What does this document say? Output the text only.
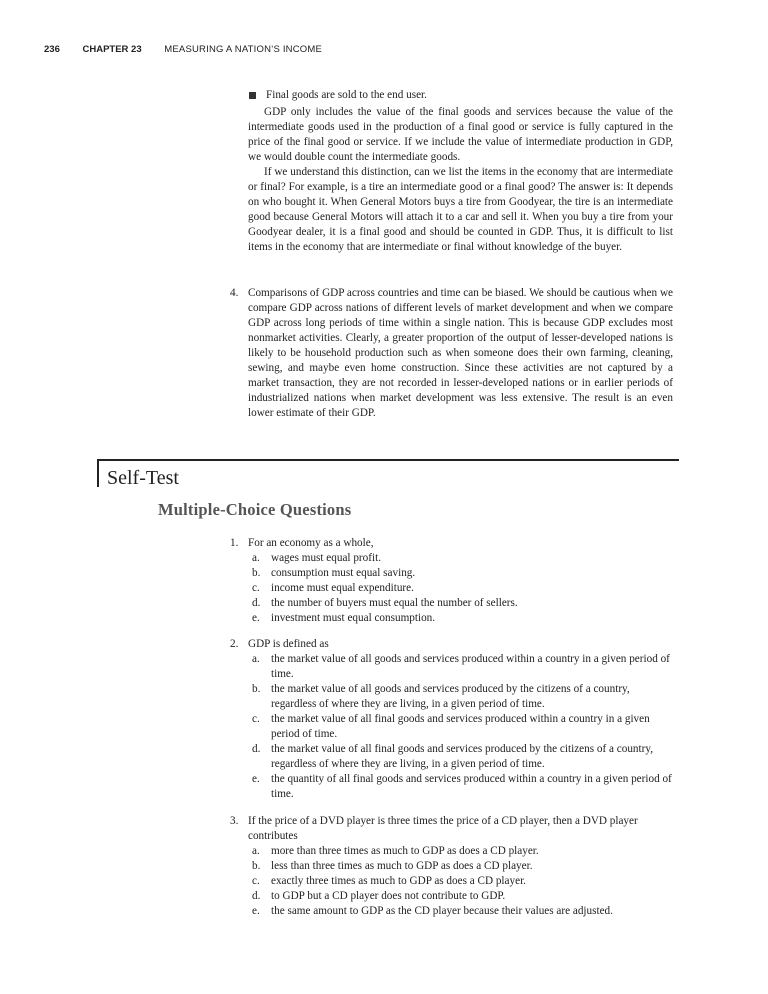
236 CHAPTER 23 MEASURING A NATION’S INCOME
Final goods are sold to the end user.

GDP only includes the value of the final goods and services because the value of the intermediate goods used in the production of a final good or service is fully captured in the price of the final good or service. If we include the value of intermediate production in GDP, we would double count the intermediate goods.

If we understand this distinction, can we list the items in the economy that are intermediate or final? For example, is a tire an intermediate good or a final good? The answer is: It depends on who bought it. When General Motors buys a tire from Goodyear, the tire is an intermediate good because General Motors will attach it to a car and sell it. When you buy a tire from your Goodyear dealer, it is a final good and should be counted in GDP. Thus, it is difficult to list items in the economy that are intermediate or final without knowledge of the buyer.

4. Comparisons of GDP across countries and time can be biased. We should be cautious when we compare GDP across nations of different levels of market development and when we compare GDP across long periods of time within a single nation. This is because GDP excludes most nonmarket activities. Clearly, a greater proportion of the output of lesser-developed nations is likely to be household production such as when someone does their own farming, cleaning, sewing, and maybe even home construction. Since these activities are not captured by a market transaction, they are not recorded in lesser-developed nations or in earlier periods of industrialized nations when market development was less extensive. The result is an even lower estimate of their GDP.
Self-Test
Multiple-Choice Questions
1. For an economy as a whole,
a. wages must equal profit.
b. consumption must equal saving.
c. income must equal expenditure.
d. the number of buyers must equal the number of sellers.
e. investment must equal consumption.
2. GDP is defined as
a. the market value of all goods and services produced within a country in a given period of time.
b. the market value of all goods and services produced by the citizens of a country, regardless of where they are living, in a given period of time.
c. the market value of all final goods and services produced within a country in a given period of time.
d. the market value of all final goods and services produced by the citizens of a country, regardless of where they are living, in a given period of time.
e. the quantity of all final goods and services produced within a country in a given period of time.
3. If the price of a DVD player is three times the price of a CD player, then a DVD player contributes
a. more than three times as much to GDP as does a CD player.
b. less than three times as much to GDP as does a CD player.
c. exactly three times as much to GDP as does a CD player.
d. to GDP but a CD player does not contribute to GDP.
e. the same amount to GDP as the CD player because their values are adjusted.
